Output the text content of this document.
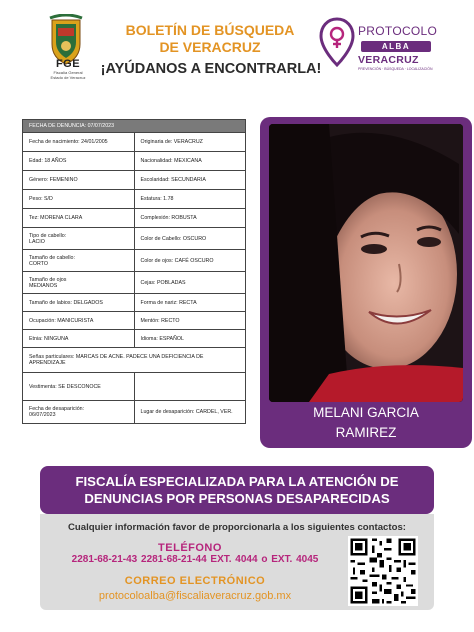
FGE
Fiscalía General
Estado de Veracruz
BOLETÍN DE BÚSQUEDA
DE VERACRUZ
¡AYÚDANOS A ENCONTRARLA!
PROTOCOLO
ALBA
VERACRUZ
PREVENCIÓN · BÚSQUEDA · LOCALIZACIÓN
FECHA DE DENUNCIA: 07/07/2023
Fecha de nacimiento: 24/01/2005	Originaria de: VERACRUZ
Edad: 18 AÑOS	Nacionalidad: MEXICANA
Género: FEMENINO	Escolaridad: SECUNDARIA
Peso: S/D	Estatura: 1.78
Tez: MORENA CLARA	Complexión: ROBUSTA
Tipo de cabello:
LACIO	Color de Cabello: OSCURO
Tamaño de cabello:
CORTO	Color de ojos: CAFÉ OSCURO
Tamaño de ojos
MEDIANOS	Cejas: POBLADAS
Tamaño de labios: DELGADOS	Forma de nariz: RECTA
Ocupación: MANICURISTA	Mentón: RECTO
Etnia: NINGUNA	Idioma: ESPAÑOL
Señas particulares: MARCAS DE ACNE. PADECE UNA DEFICIENCIA DE APRENDIZAJE
Vestimenta: SE DESCONOCE
Fecha de desaparición:
06/07/2023	Lugar de desaparición: CARDEL, VER.	MELANI GARCIA
RAMIREZ
FISCALÍA ESPECIALIZADA PARA LA ATENCIÓN DE
DENUNCIAS POR PERSONAS DESAPARECIDAS
Cualquier información favor de proporcionarla a los siguientes contactos:
TELÉFONO
2281-68-21-43 2281-68-21-44 EXT. 4044 o EXT. 4045
CORREO ELECTRÓNICO
protocoloalba@fiscaliaveracruz.gob.mx
